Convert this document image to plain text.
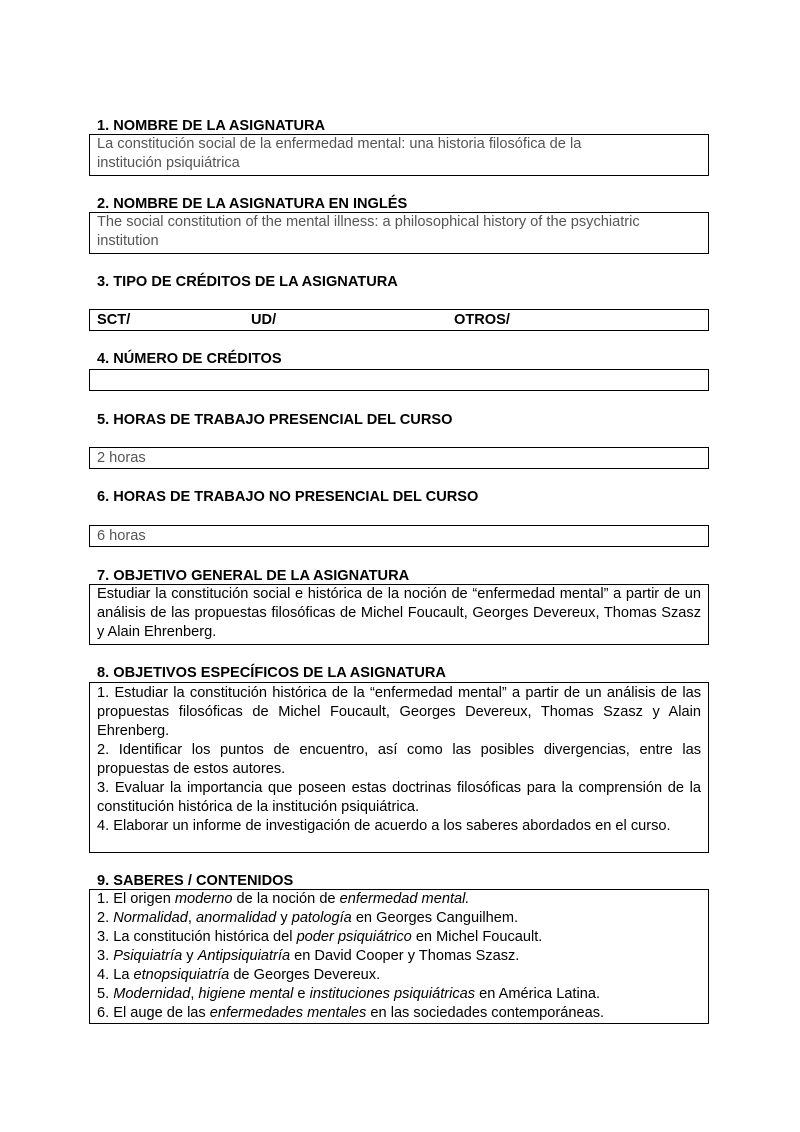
1. NOMBRE DE LA ASIGNATURA
La constitución social de la enfermedad mental: una historia filosófica de la
institución psiquiátrica
2. NOMBRE DE LA ASIGNATURA EN INGLÉS
The social constitution of the mental illness: a philosophical history of the psychiatric
institution
3. TIPO DE CRÉDITOS DE LA ASIGNATURA
SCT/	UD/	OTROS/
4. NÚMERO DE CRÉDITOS
5. HORAS DE TRABAJO PRESENCIAL DEL CURSO
2 horas
6. HORAS DE TRABAJO NO PRESENCIAL DEL CURSO
6 horas
7. OBJETIVO GENERAL DE LA ASIGNATURA
Estudiar la constitución social e histórica de la noción de “enfermedad mental” a partir de un análisis de las propuestas filosóficas de Michel Foucault, Georges Devereux, Thomas Szasz y Alain Ehrenberg.
8. OBJETIVOS ESPECÍFICOS DE LA ASIGNATURA
1. Estudiar la constitución histórica de la “enfermedad mental” a partir de un análisis de las propuestas filosóficas de Michel Foucault, Georges Devereux, Thomas Szasz y Alain Ehrenberg.
2. Identificar los puntos de encuentro, así como las posibles divergencias, entre las propuestas de estos autores.
3. Evaluar la importancia que poseen estas doctrinas filosóficas para la comprensión de la constitución histórica de la institución psiquiátrica.
4. Elaborar un informe de investigación de acuerdo a los saberes abordados en el curso.
9. SABERES / CONTENIDOS
1. El origen moderno de la noción de enfermedad mental.
2. Normalidad, anormalidad y patología en Georges Canguilhem.
3. La constitución histórica del poder psiquiátrico en Michel Foucault.
3. Psiquiatría y Antipsiquiatría en David Cooper y Thomas Szasz.
4. La etnopsiquiatría de Georges Devereux.
5. Modernidad, higiene mental e instituciones psiquiátricas en América Latina.
6. El auge de las enfermedades mentales en las sociedades contemporáneas.
